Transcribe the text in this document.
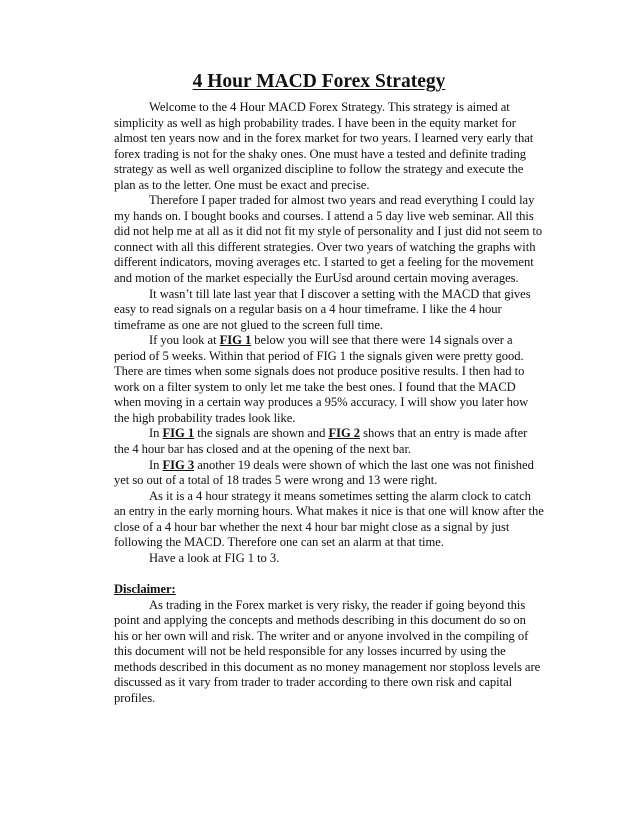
4 Hour MACD Forex Strategy

Welcome to the 4 Hour MACD Forex Strategy. This strategy is aimed at
simplicity as well as high probability trades. I have been in the equity market for
almost ten years now and in the forex market for two years. I learned very early that
forex trading is not for the shaky ones. One must have a tested and definite trading
strategy as well as well organized discipline to follow the strategy and execute the
plan as to the letter. One must be exact and precise.

Therefore I paper traded for almost two years and read everything I could lay
my hands on. I bought books and courses. I attend a 5 day live web seminar. All this
did not help me at all as it did not fit my style of personality and I just did not seem to
connect with all this different strategies. Over two years of watching the graphs with
different indicators, moving averages etc. I started to get a feeling for the movement
and motion of the market especially the EurUsd around certain moving averages.

It wasn’t till late last year that I discover a setting with the MACD that gives
easy to read signals on a regular basis on a 4 hour timeframe. I like the 4 hour
timeframe as one are not glued to the screen full time.

If you look at FIG 1 below you will see that there were 14 signals over a
period of 5 weeks. Within that period of FIG 1 the signals given were pretty good.
There are times when some signals does not produce positive results. I then had to
work on a filter system to only let me take the best ones. I found that the MACD
when moving in a certain way produces a 95% accuracy. I will show you later how
the high probability trades look like.

In FIG 1 the signals are shown and FIG 2 shows that an entry is made after
the 4 hour bar has closed and at the opening of the next bar.

In FIG 3 another 19 deals were shown of which the last one was not finished
yet so out of a total of 18 trades 5 were wrong and 13 were right.

As it is a 4 hour strategy it means sometimes setting the alarm clock to catch
an entry in the early morning hours. What makes it nice is that one will know after the
close of a 4 hour bar whether the next 4 hour bar might close as a signal by just
following the MACD. Therefore one can set an alarm at that time.

Have a look at FIG 1 to 3.

Disclaimer:

As trading in the Forex market is very risky, the reader if going beyond this
point and applying the concepts and methods describing in this document do so on
his or her own will and risk. The writer and or anyone involved in the compiling of
this document will not be held responsible for any losses incurred by using the
methods described in this document as no money management nor stoploss levels are
discussed as it vary from trader to trader according to there own risk and capital
profiles.
